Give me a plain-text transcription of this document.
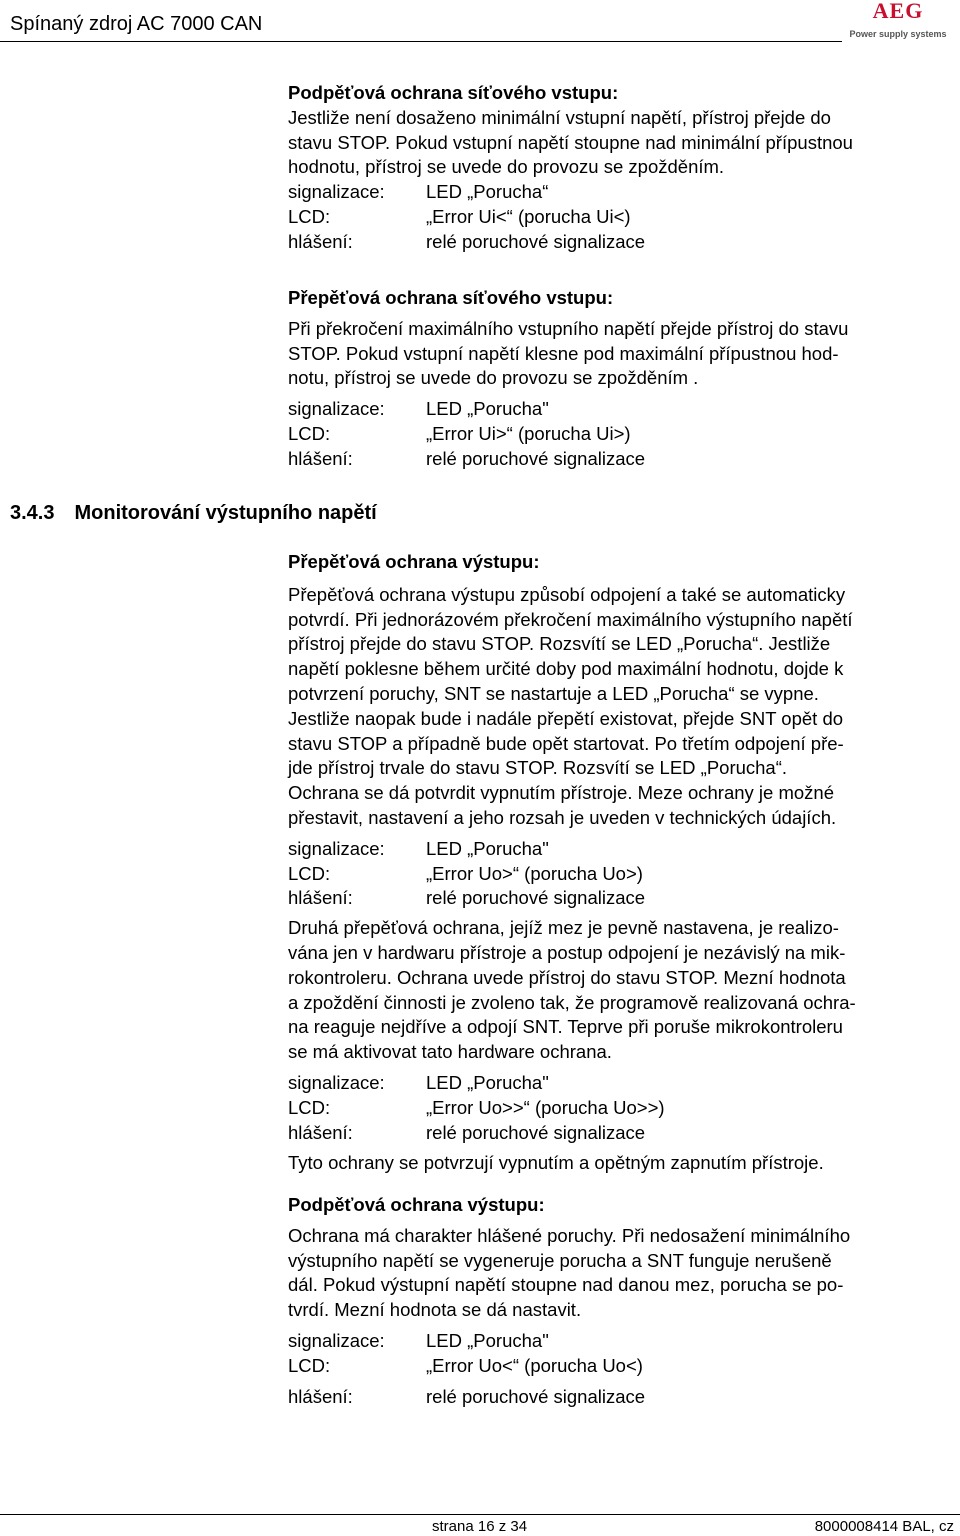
Spínaný zdroj AC 7000 CAN
AEG
Power supply systems
3.4.3 Monitorování výstupního napětí
Podpěťová ochrana síťového vstupu:
Jestliže není dosaženo minimální vstupní napětí, přístroj přejde do
stavu STOP. Pokud vstupní napětí stoupne nad minimální přípustnou
hodnotu, přístroj se uvede do provozu se zpožděním.
signalizace: LED „Porucha“
LCD:	„Error Ui<“ (porucha Ui<)
hlášení:	relé poruchové signalizace
Přepěťová ochrana síťového vstupu:
Při překročení maximálního vstupního napětí přejde přístroj do stavu
STOP. Pokud vstupní napětí klesne pod maximální přípustnou hod-
notu, přístroj se uvede do provozu se zpožděním .
signalizace: LED „Porucha"
LCD:	„Error Ui>“ (porucha Ui>)
hlášení:	relé poruchové signalizace
Přepěťová ochrana výstupu:
Přepěťová ochrana výstupu způsobí odpojení a také se automaticky
potvrdí. Při jednorázovém překročení maximálního výstupního napětí
přístroj přejde do stavu STOP. Rozsvítí se LED „Porucha“. Jestliže
napětí poklesne během určité doby pod maximální hodnotu, dojde k
potvrzení poruchy, SNT se nastartuje a LED „Porucha“ se vypne.
Jestliže naopak bude i nadále přepětí existovat, přejde SNT opět do
stavu STOP a případně bude opět startovat. Po třetím odpojení pře-
jde přístroj trvale do stavu STOP. Rozsvítí se LED „Porucha“.
Ochrana se dá potvrdit vypnutím přístroje. Meze ochrany je možné
přestavit, nastavení a jeho rozsah je uveden v technických údajích.
signalizace: LED „Porucha"
LCD:	„Error Uo>“ (porucha Uo>)
hlášení:	relé poruchové signalizace
Druhá přepěťová ochrana, jejíž mez je pevně nastavena, je realizo-
vána jen v hardwaru přístroje a postup odpojení je nezávislý na mik-
rokontroleru. Ochrana uvede přístroj do stavu STOP. Mezní hodnota
a zpoždění činnosti je zvoleno tak, že programově realizovaná ochra-
na reaguje nejdříve a odpojí SNT. Teprve při poruše mikrokontroleru
se má aktivovat tato hardware ochrana.
signalizace: LED „Porucha"
LCD:	„Error Uo>>“ (porucha Uo>>)
hlášení:	relé poruchové signalizace
Tyto ochrany se potvrzují vypnutím a opětným zapnutím přístroje.
Podpěťová ochrana výstupu:
Ochrana má charakter hlášené poruchy. Při nedosažení minimálního
výstupního napětí se vygeneruje porucha a SNT funguje nerušeně
dál. Pokud výstupní napětí stoupne nad danou mez, porucha se po-
tvrdí. Mezní hodnota se dá nastavit.
signalizace: LED „Porucha"
LCD:	„Error Uo<“ (porucha Uo<)
hlášení:	relé poruchové signalizace
strana 16 z 34	8000008414 BAL, cz
